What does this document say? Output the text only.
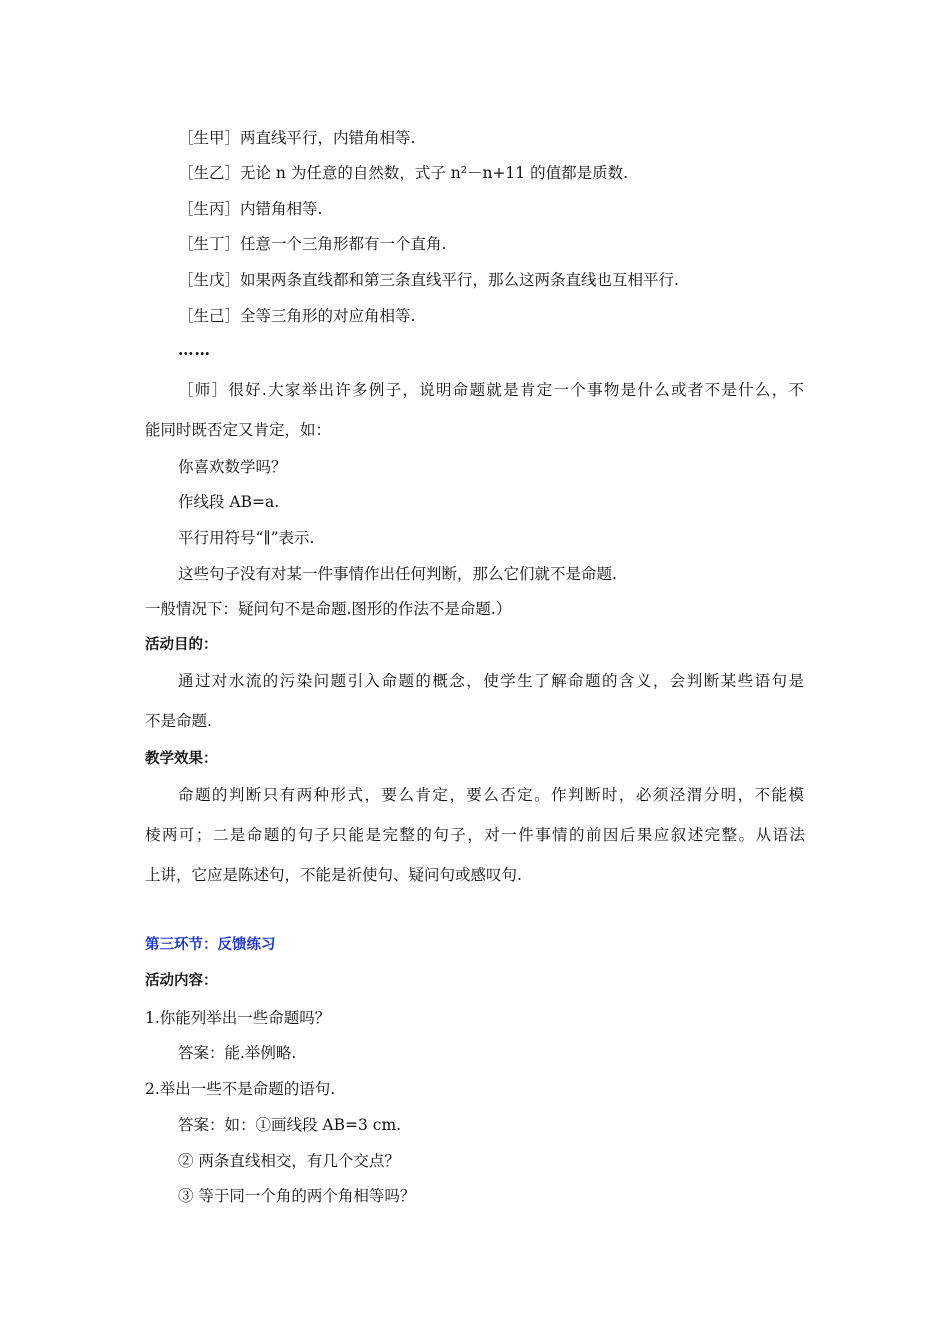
［生甲］两直线平行，内错角相等.
［生乙］无论 n 为任意的自然数，式子 n²－n+11 的值都是质数.
［生丙］内错角相等.
［生丁］任意一个三角形都有一个直角.
［生戊］如果两条直线都和第三条直线平行，那么这两条直线也互相平行.
［生己］全等三角形的对应角相等.
……
［师］很好.大家举出许多例子，说明命题就是肯定一个事物是什么或者不是什么，不
能同时既否定又肯定，如：
你喜欢数学吗？
作线段 AB=a.
平行用符号“∥”表示.
这些句子没有对某一件事情作出任何判断，那么它们就不是命题.
一般情况下：疑问句不是命题.图形的作法不是命题.）
活动目的：
通过对水流的污染问题引入命题的概念，使学生了解命题的含义，会判断某些语句是
不是命题.
教学效果：
命题的判断只有两种形式，要么肯定，要么否定。作判断时，必须泾渭分明，不能模
棱两可；二是命题的句子只能是完整的句子，对一件事情的前因后果应叙述完整。从语法
上讲，它应是陈述句，不能是祈使句、疑问句或感叹句.
第三环节：反馈练习
活动内容：
1.你能列举出一些命题吗？
答案：能.举例略.
2.举出一些不是命题的语句.
答案：如：①画线段 AB=3 cm.
② 两条直线相交，有几个交点？
③ 等于同一个角的两个角相等吗？
